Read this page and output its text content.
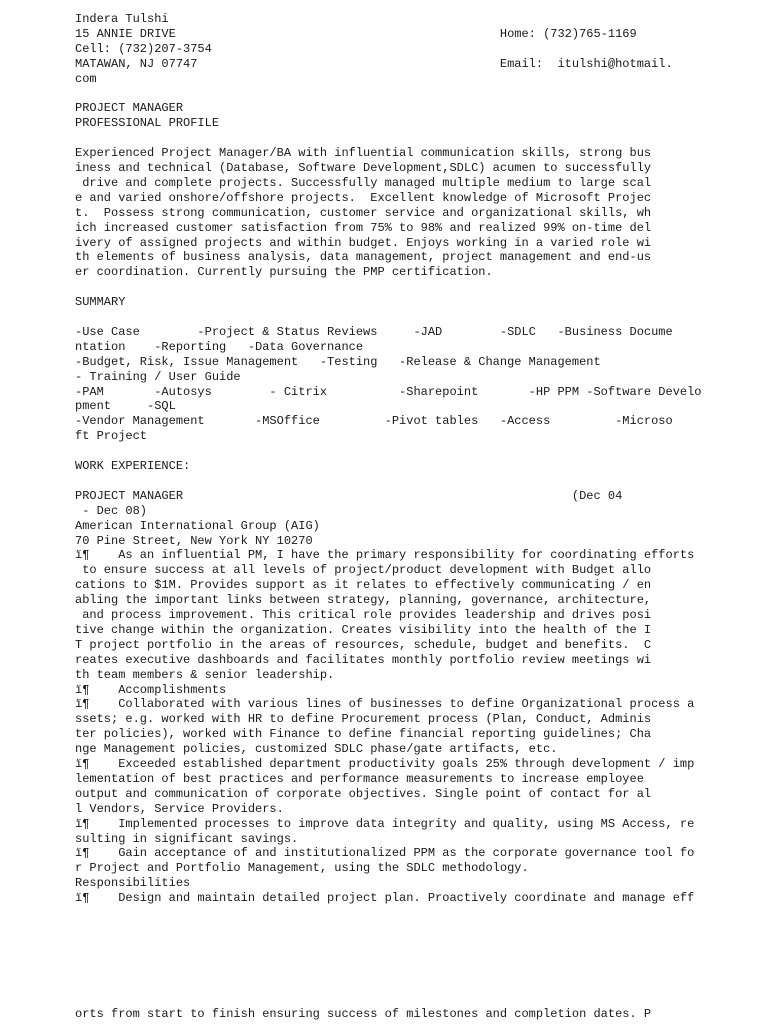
Indera Tulshi
15 ANNIE DRIVE                                             Home: (732)765-1169
Cell: (732)207-3754
MATAWAN, NJ 07747                                          Email:  itulshi@hotmail.
com
PROJECT MANAGER
PROFESSIONAL PROFILE
Experienced Project Manager/BA with influential communication skills, strong bus
iness and technical (Database, Software Development,SDLC) acumen to successfully
drive and complete projects. Successfully managed multiple medium to large scal
e and varied onshore/offshore projects.  Excellent knowledge of Microsoft Projec
t.  Possess strong communication, customer service and organizational skills, wh
ich increased customer satisfaction from 75% to 98% and realized 99% on-time del
ivery of assigned projects and within budget. Enjoys working in a varied role wi
th elements of business analysis, data management, project management and end-us
er coordination. Currently pursuing the PMP certification.
SUMMARY
-Use Case        -Project & Status Reviews     -JAD        -SDLC   -Business Docume
ntation    -Reporting   -Data Governance
-Budget, Risk, Issue Management   -Testing   -Release & Change Management
- Training / User Guide
-PAM       -Autosys        - Citrix          -Sharepoint       -HP PPM -Software Develo
pment     -SQL
-Vendor Management       -MSOffice         -Pivot tables   -Access         -Microso
ft Project
WORK EXPERIENCE:
PROJECT MANAGER                                                      (Dec 04
- Dec 08)
American International Group (AIG)
70 Pine Street, New York NY 10270
ï¶    As an influential PM, I have the primary responsibility for coordinating efforts
to ensure success at all levels of project/product development with Budget allo
cations to $1M. Provides support as it relates to effectively communicating / en
abling the important links between strategy, planning, governance, architecture,
and process improvement. This critical role provides leadership and drives posi
tive change within the organization. Creates visibility into the health of the I
T project portfolio in the areas of resources, schedule, budget and benefits.  C
reates executive dashboards and facilitates monthly portfolio review meetings wi
th team members & senior leadership.
ï¶    Accomplishments
ï¶    Collaborated with various lines of businesses to define Organizational process a
ssets; e.g. worked with HR to define Procurement process (Plan, Conduct, Adminis
ter policies), worked with Finance to define financial reporting guidelines; Cha
nge Management policies, customized SDLC phase/gate artifacts, etc.
ï¶    Exceeded established department productivity goals 25% through development / imp
lementation of best practices and performance measurements to increase employee
output and communication of corporate objectives. Single point of contact for al
l Vendors, Service Providers.
ï¶    Implemented processes to improve data integrity and quality, using MS Access, re
sulting in significant savings.
ï¶    Gain acceptance of and institutionalized PPM as the corporate governance tool fo
r Project and Portfolio Management, using the SDLC methodology.
Responsibilities
ï¶    Design and maintain detailed project plan. Proactively coordinate and manage eff
orts from start to finish ensuring success of milestones and completion dates. P
